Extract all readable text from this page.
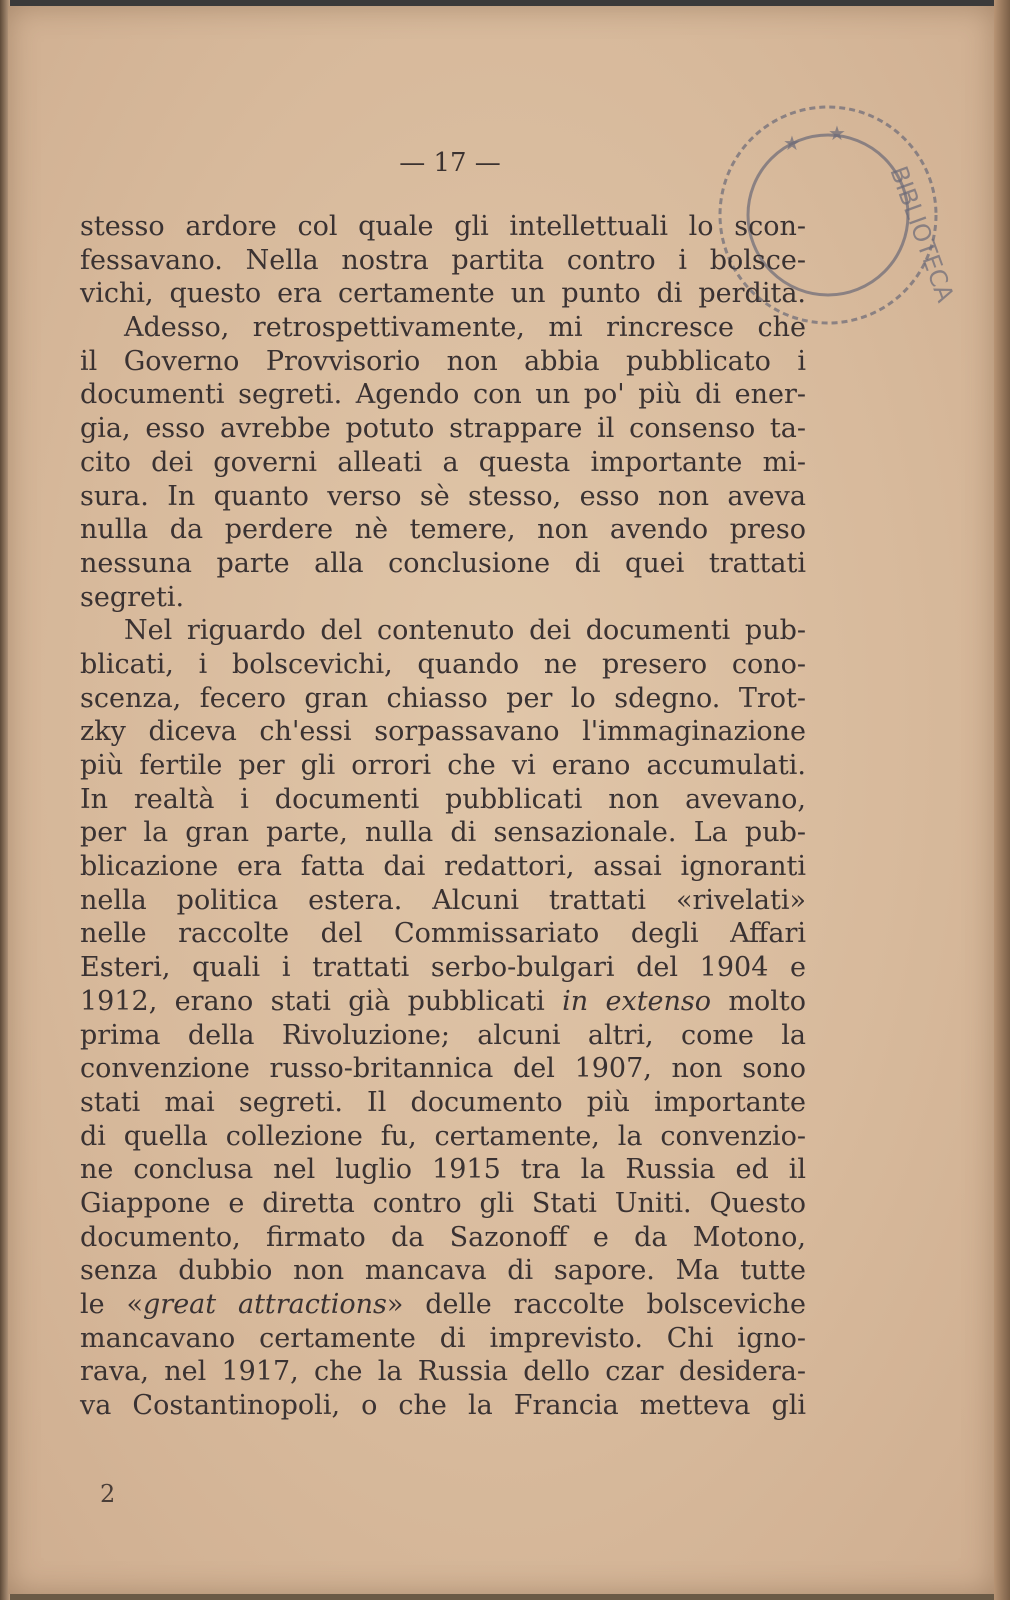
— 17 —	BIBLIOTECA
★ ★
stesso ardore col quale gli intellettuali lo scon-
fessavano. Nella nostra partita contro i bolsce-
vichi, questo era certamente un punto di perdita.
Adesso, retrospettivamente, mi rincresce che
il Governo Provvisorio non abbia pubblicato i
documenti segreti. Agendo con un po' più di ener-
gia, esso avrebbe potuto strappare il consenso ta-
cito dei governi alleati a questa importante mi-
sura. In quanto verso sè stesso, esso non aveva
nulla da perdere nè temere, non avendo preso
nessuna parte alla conclusione di quei trattati
segreti.
Nel riguardo del contenuto dei documenti pub-
blicati, i bolscevichi, quando ne presero cono-
scenza, fecero gran chiasso per lo sdegno. Trot-
zky diceva ch'essi sorpassavano l'immaginazione
più fertile per gli orrori che vi erano accumulati.
In realtà i documenti pubblicati non avevano,
per la gran parte, nulla di sensazionale. La pub-
blicazione era fatta dai redattori, assai ignoranti
nella politica estera. Alcuni trattati «rivelati»
nelle raccolte del Commissariato degli Affari
Esteri, quali i trattati serbo-bulgari del 1904 e
1912, erano stati già pubblicati in extenso molto
prima della Rivoluzione; alcuni altri, come la
convenzione russo-britannica del 1907, non sono
stati mai segreti. Il documento più importante
di quella collezione fu, certamente, la convenzio-
ne conclusa nel luglio 1915 tra la Russia ed il
Giappone e diretta contro gli Stati Uniti. Questo
documento, firmato da Sazonoff e da Motono,
senza dubbio non mancava di sapore. Ma tutte
le «great attractions» delle raccolte bolsceviche
mancavano certamente di imprevisto. Chi igno-
rava, nel 1917, che la Russia dello czar desidera-
va Costantinopoli, o che la Francia metteva gli
2
